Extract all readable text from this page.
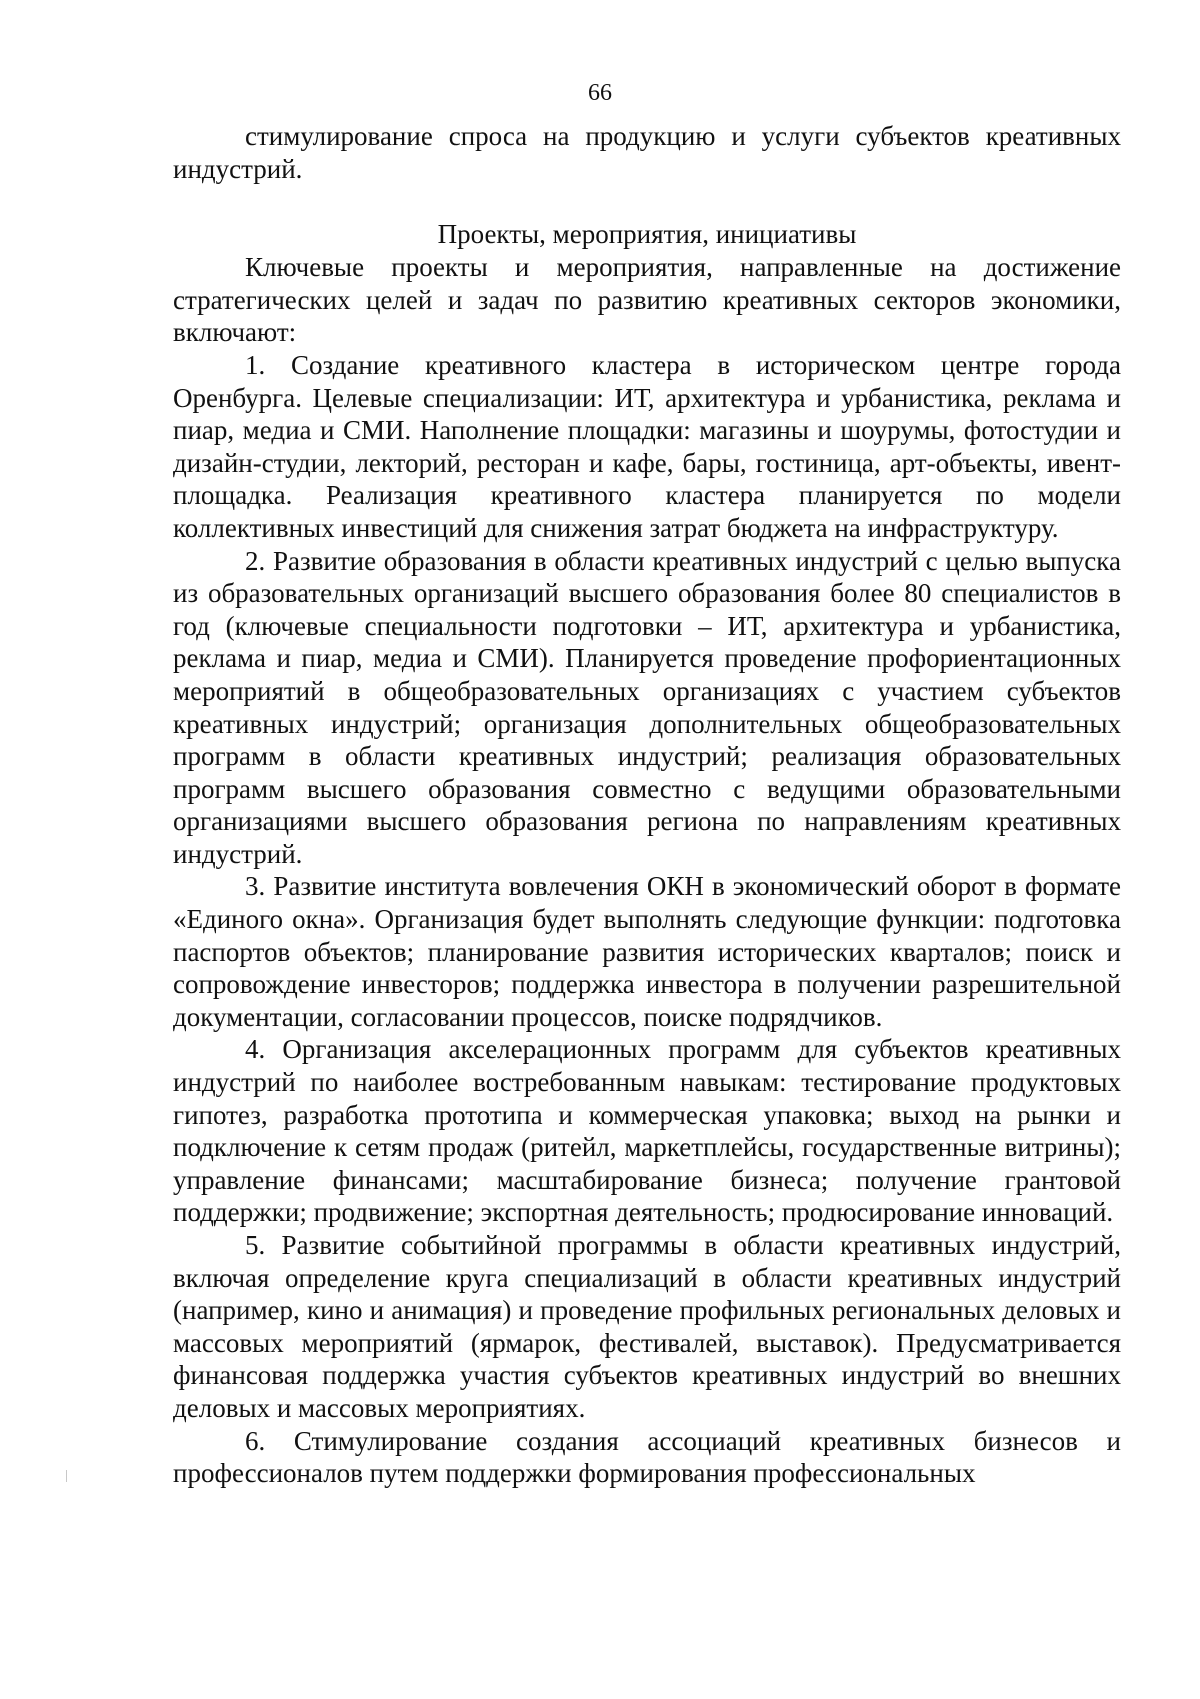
66

стимулирование спроса на продукцию и услуги субъектов креативных индустрий.

Проекты, мероприятия, инициативы

Ключевые проекты и мероприятия, направленные на достижение стратегических целей и задач по развитию креативных секторов экономики, включают:

1. Создание креативного кластера в историческом центре города Оренбурга. Целевые специализации: ИТ, архитектура и урбанистика, реклама и пиар, медиа и СМИ. Наполнение площадки: магазины и шоурумы, фотостудии и дизайн-студии, лекторий, ресторан и кафе, бары, гостиница, арт-объекты, ивент-площадка. Реализация креативного кластера планируется по модели коллективных инвестиций для снижения затрат бюджета на инфраструктуру.

2. Развитие образования в области креативных индустрий с целью выпуска из образовательных организаций высшего образования более 80 специалистов в год (ключевые специальности подготовки – ИТ, архитектура и урбанистика, реклама и пиар, медиа и СМИ). Планируется проведение профориентационных мероприятий в общеобразовательных организациях с участием субъектов креативных индустрий; организация дополнительных общеобразовательных программ в области креативных индустрий; реализация образовательных программ высшего образования совместно с ведущими образовательными организациями высшего образования региона по направлениям креативных индустрий.

3. Развитие института вовлечения ОКН в экономический оборот в формате «Единого окна». Организация будет выполнять следующие функции: подготовка паспортов объектов; планирование развития исторических кварталов; поиск и сопровождение инвесторов; поддержка инвестора в получении разрешительной документации, согласовании процессов, поиске подрядчиков.

4. Организация акселерационных программ для субъектов креативных индустрий по наиболее востребованным навыкам: тестирование продуктовых гипотез, разработка прототипа и коммерческая упаковка; выход на рынки и подключение к сетям продаж (ритейл, маркетплейсы, государственные витрины); управление финансами; масштабирование бизнеса; получение грантовой поддержки; продвижение; экспортная деятельность; продюсирование инноваций.

5. Развитие событийной программы в области креативных индустрий, включая определение круга специализаций в области креативных индустрий (например, кино и анимация) и проведение профильных региональных деловых и массовых мероприятий (ярмарок, фестивалей, выставок). Предусматривается финансовая поддержка участия субъектов креативных индустрий во внешних деловых и массовых мероприятиях.

6. Стимулирование создания ассоциаций креативных бизнесов и профессионалов путем поддержки формирования профессиональных
